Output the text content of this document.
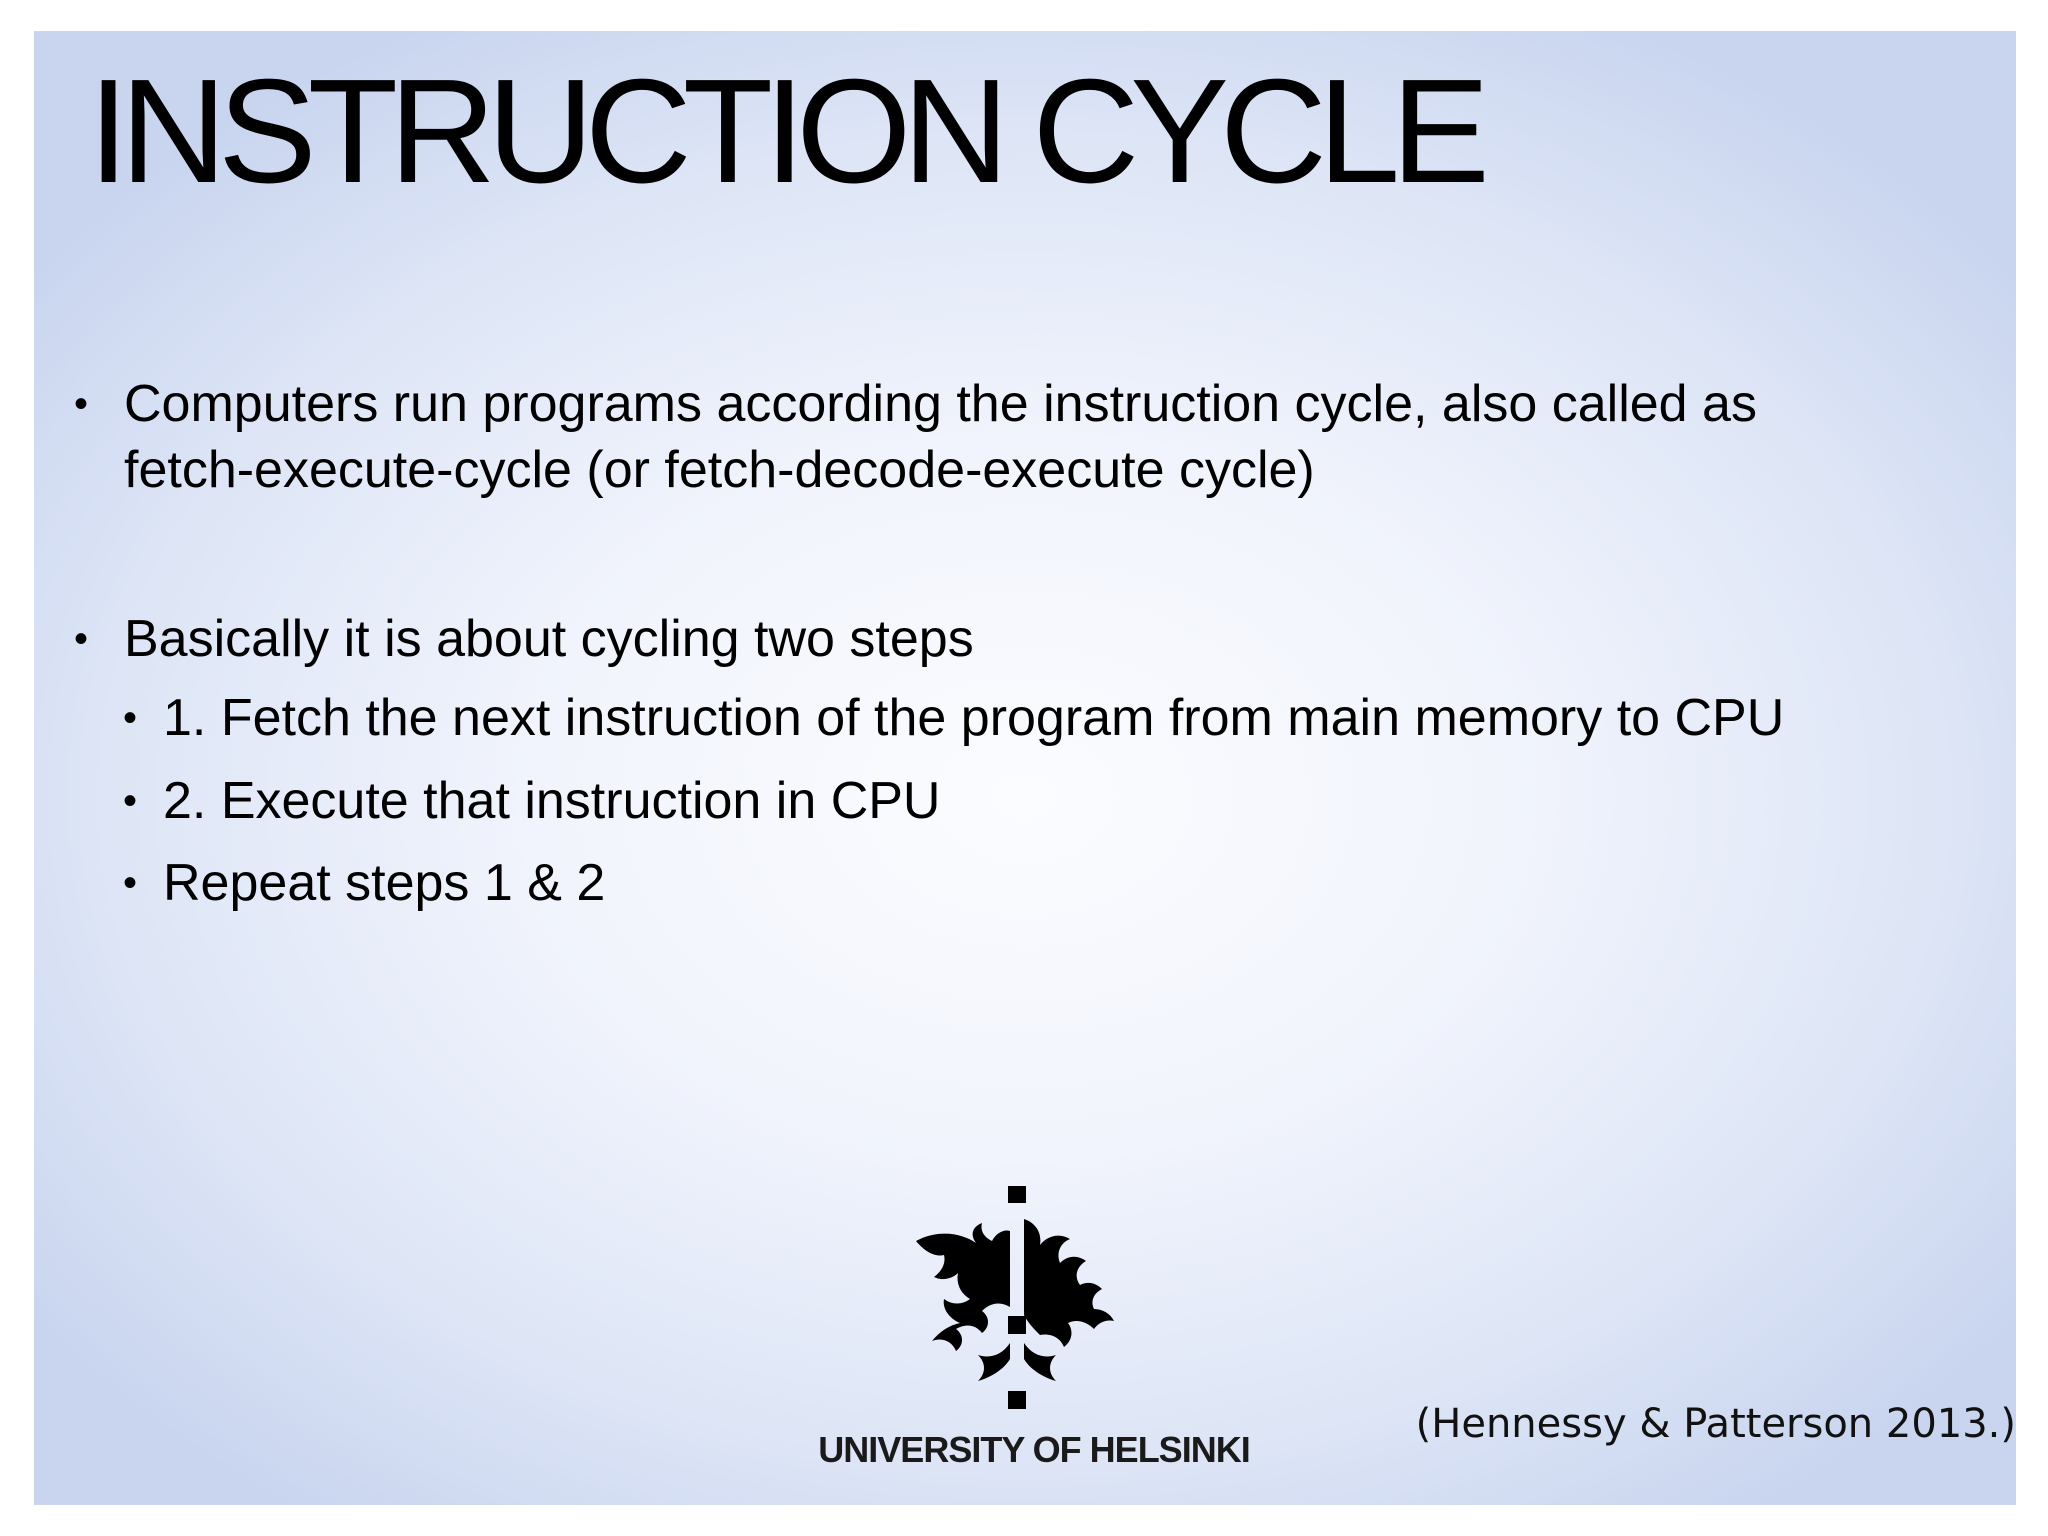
INSTRUCTION CYCLE
• Computers run programs according the instruction cycle, also called as
fetch-execute-cycle (or fetch-decode-execute cycle)
• Basically it is about cycling two steps
• 1. Fetch the next instruction of the program from main memory to CPU
• 2. Execute that instruction in CPU
• Repeat steps 1 & 2
UNIVERSITY OF HELSINKI
(Hennessy & Patterson 2013.)
